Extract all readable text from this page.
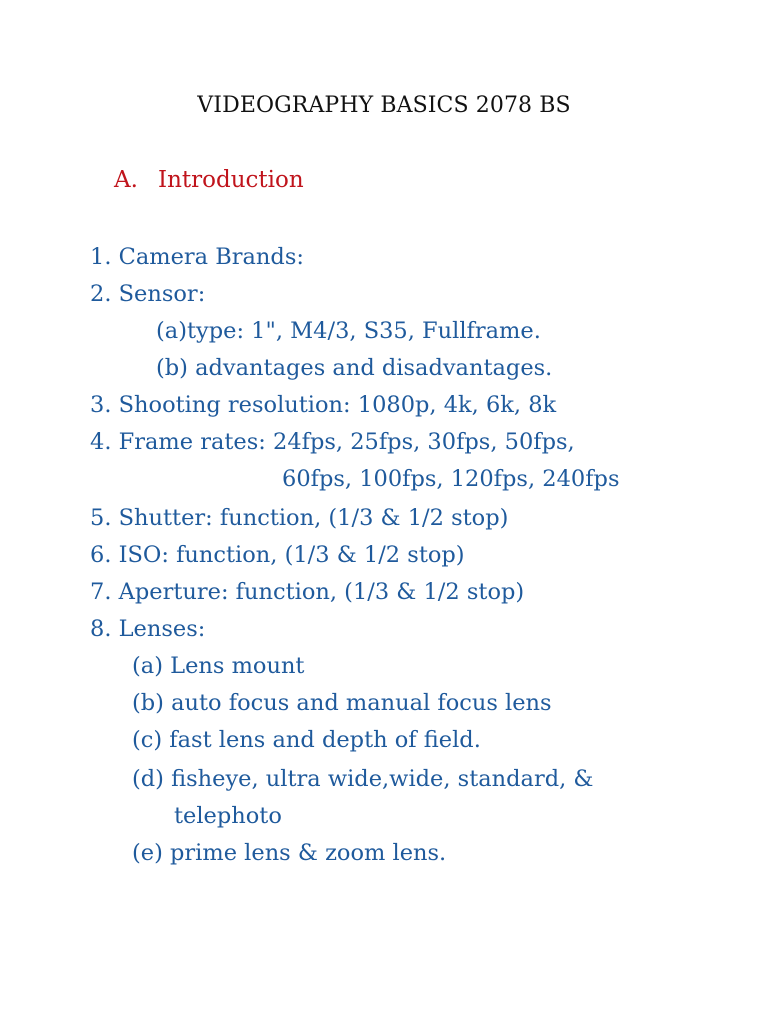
VIDEOGRAPHY BASICS 2078 BS
A. Introduction
1. Camera Brands:
2. Sensor:
(a)type: 1", M4/3, S35, Fullframe.
(b) advantages and disadvantages.
3. Shooting resolution: 1080p, 4k, 6k, 8k
4. Frame rates: 24fps, 25fps, 30fps, 50fps,
60fps, 100fps, 120fps, 240fps
5. Shutter: function, (1/3 & 1/2 stop)
6. ISO: function, (1/3 & 1/2 stop)
7. Aperture: function, (1/3 & 1/2 stop)
8. Lenses:
(a) Lens mount
(b) auto focus and manual focus lens
(c) fast lens and depth of field.
(d) fisheye, ultra wide,wide, standard, &
telephoto
(e) prime lens & zoom lens.
